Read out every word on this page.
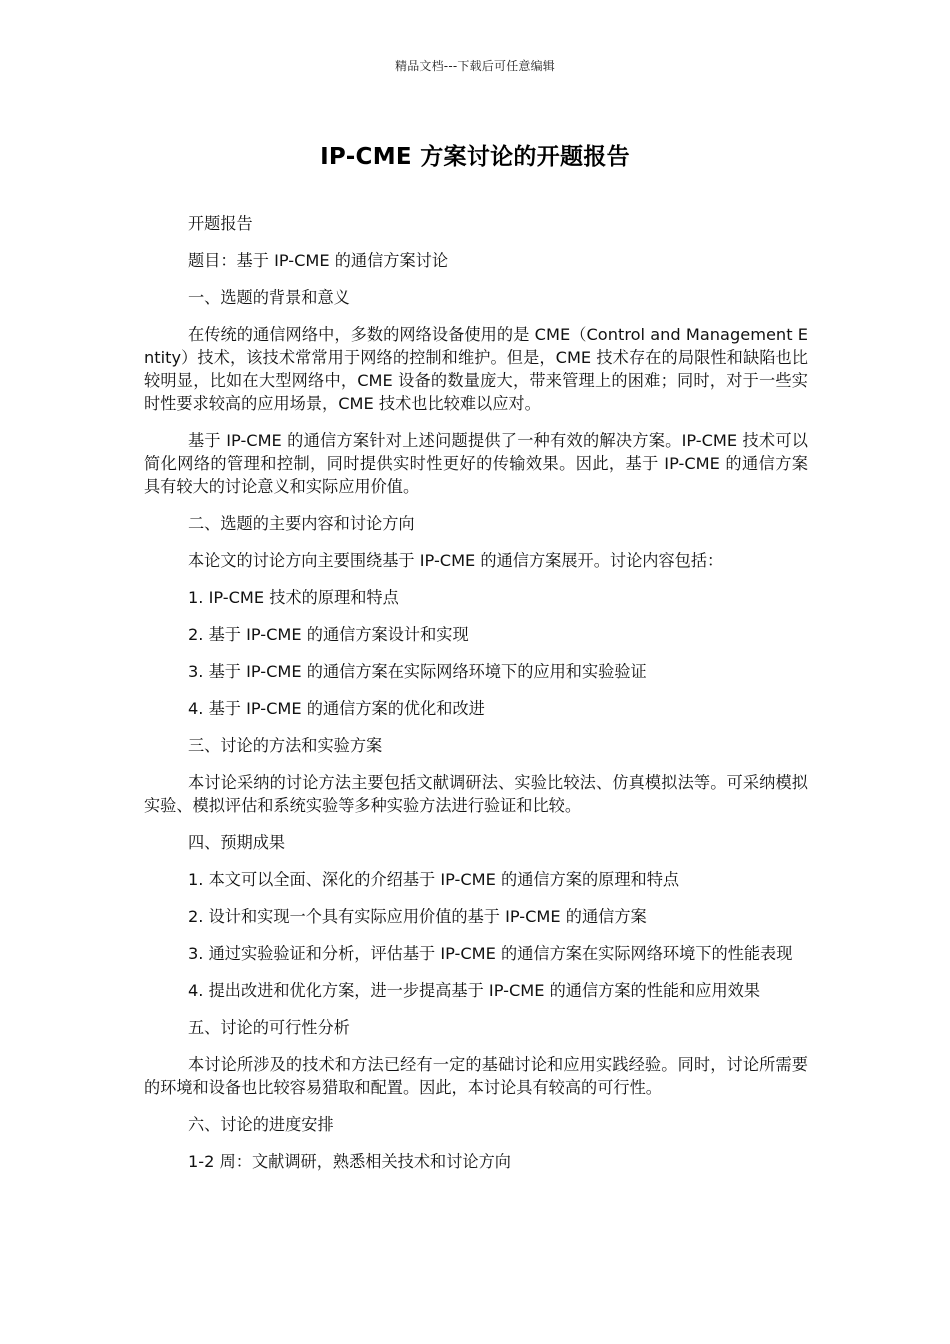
精品文档---下载后可任意编辑
IP-CME 方案讨论的开题报告

开题报告

题目：基于 IP-CME 的通信方案讨论

一、选题的背景和意义

在传统的通信网络中，多数的网络设备使用的是 CME（Control and Management Entity）技术，该技术常常用于网络的控制和维护。但是，CME 技术存在的局限性和缺陷也比较明显，比如在大型网络中，CME 设备的数量庞大，带来管理上的困难；同时，对于一些实时性要求较高的应用场景，CME 技术也比较难以应对。

基于 IP-CME 的通信方案针对上述问题提供了一种有效的解决方案。IP-CME 技术可以简化网络的管理和控制，同时提供实时性更好的传输效果。因此，基于 IP-CME 的通信方案具有较大的讨论意义和实际应用价值。

二、选题的主要内容和讨论方向

本论文的讨论方向主要围绕基于 IP-CME 的通信方案展开。讨论内容包括：

1. IP-CME 技术的原理和特点

2. 基于 IP-CME 的通信方案设计和实现

3. 基于 IP-CME 的通信方案在实际网络环境下的应用和实验验证

4. 基于 IP-CME 的通信方案的优化和改进

三、讨论的方法和实验方案

本讨论采纳的讨论方法主要包括文献调研法、实验比较法、仿真模拟法等。可采纳模拟实验、模拟评估和系统实验等多种实验方法进行验证和比较。

四、预期成果

1. 本文可以全面、深化的介绍基于 IP-CME 的通信方案的原理和特点

2. 设计和实现一个具有实际应用价值的基于 IP-CME 的通信方案

3. 通过实验验证和分析，评估基于 IP-CME 的通信方案在实际网络环境下的性能表现

4. 提出改进和优化方案，进一步提高基于 IP-CME 的通信方案的性能和应用效果

五、讨论的可行性分析

本讨论所涉及的技术和方法已经有一定的基础讨论和应用实践经验。同时，讨论所需要的环境和设备也比较容易猎取和配置。因此，本讨论具有较高的可行性。

六、讨论的进度安排

1-2 周：文献调研，熟悉相关技术和讨论方向
